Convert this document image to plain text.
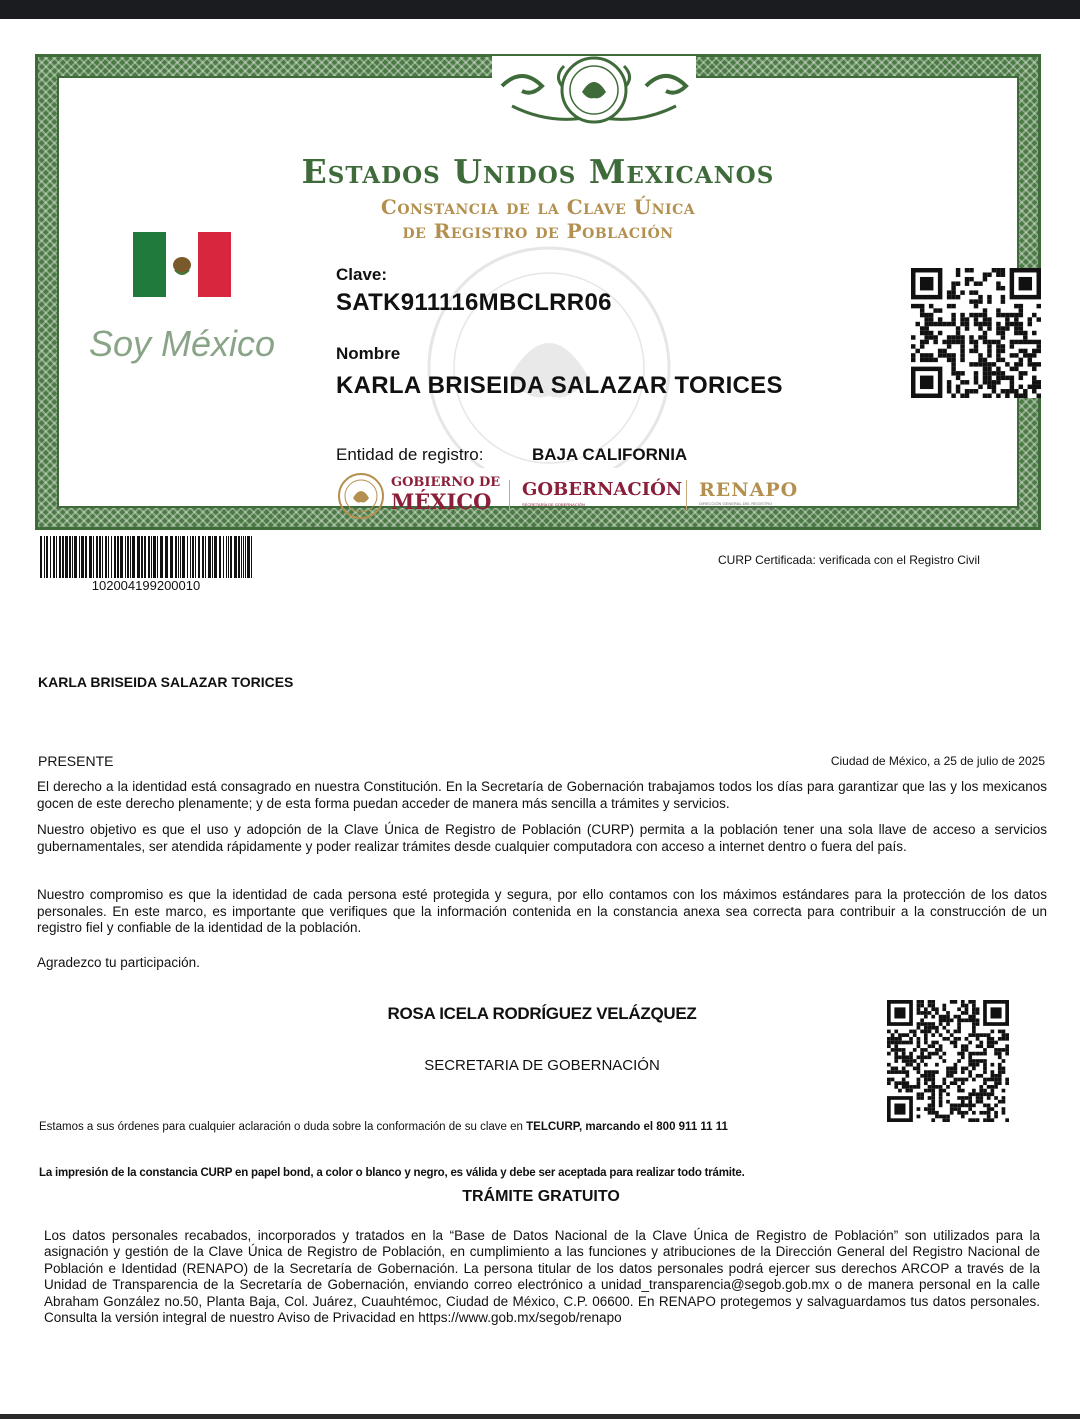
Estados Unidos Mexicanos
Constancia de la Clave Única
de Registro de Población
Soy México
Clave:
SATK911116MBCLRR06
Nombre
KARLA BRISEIDA SALAZAR TORICES
Entidad de registro:	BAJA CALIFORNIA
GOBIERNO DE
MÉXICO	GOBERNACIÓN
SECRETARÍA DE GOBERNACIÓN
RENAPO
DIRECCIÓN GENERAL DEL REGISTRO NACIONAL DE POBLACIÓN E IDENTIDAD
102004199200010
CURP Certificada: verificada con el Registro Civil
KARLA BRISEIDA SALAZAR TORICES
PRESENTE	Ciudad de México, a 25 de julio de 2025
El derecho a la identidad está consagrado en nuestra Constitución. En la Secretaría de Gobernación trabajamos todos los días para garantizar que las y los mexicanos gocen de este derecho plenamente; y de esta forma puedan acceder de manera más sencilla a trámites y servicios.
Nuestro objetivo es que el uso y adopción de la Clave Única de Registro de Población (CURP) permita a la población tener una sola llave de acceso a servicios gubernamentales, ser atendida rápidamente y poder realizar trámites desde cualquier computadora con acceso a internet dentro o fuera del país.
Nuestro compromiso es que la identidad de cada persona esté protegida y segura, por ello contamos con los máximos estándares para la protección de los datos personales. En este marco, es importante que verifiques que la información contenida en la constancia anexa sea correcta para contribuir a la construcción de un registro fiel y confiable de la identidad de la población.
Agradezco tu participación.
ROSA ICELA RODRÍGUEZ VELÁZQUEZ
SECRETARIA DE GOBERNACIÓN
Estamos a sus órdenes para cualquier aclaración o duda sobre la conformación de su clave en TELCURP, marcando el 800 911 11 11
La impresión de la constancia CURP en papel bond, a color o blanco y negro, es válida y debe ser aceptada para realizar todo trámite.
TRÁMITE GRATUITO
Los datos personales recabados, incorporados y tratados en la “Base de Datos Nacional de la Clave Única de Registro de Población” son utilizados para la asignación y gestión de la Clave Única de Registro de Población, en cumplimiento a las funciones y atribuciones de la Dirección General del Registro Nacional de Población e Identidad (RENAPO) de la Secretaría de Gobernación. La persona titular de los datos personales podrá ejercer sus derechos ARCOP a través de la Unidad de Transparencia de la Secretaría de Gobernación, enviando correo electrónico a unidad_transparencia@segob.gob.mx o de manera personal en la calle Abraham González no.50, Planta Baja, Col. Juárez, Cuauhtémoc, Ciudad de México, C.P. 06600. En RENAPO protegemos y salvaguardamos tus datos personales. Consulta la versión integral de nuestro Aviso de Privacidad en https://www.gob.mx/segob/renapo
